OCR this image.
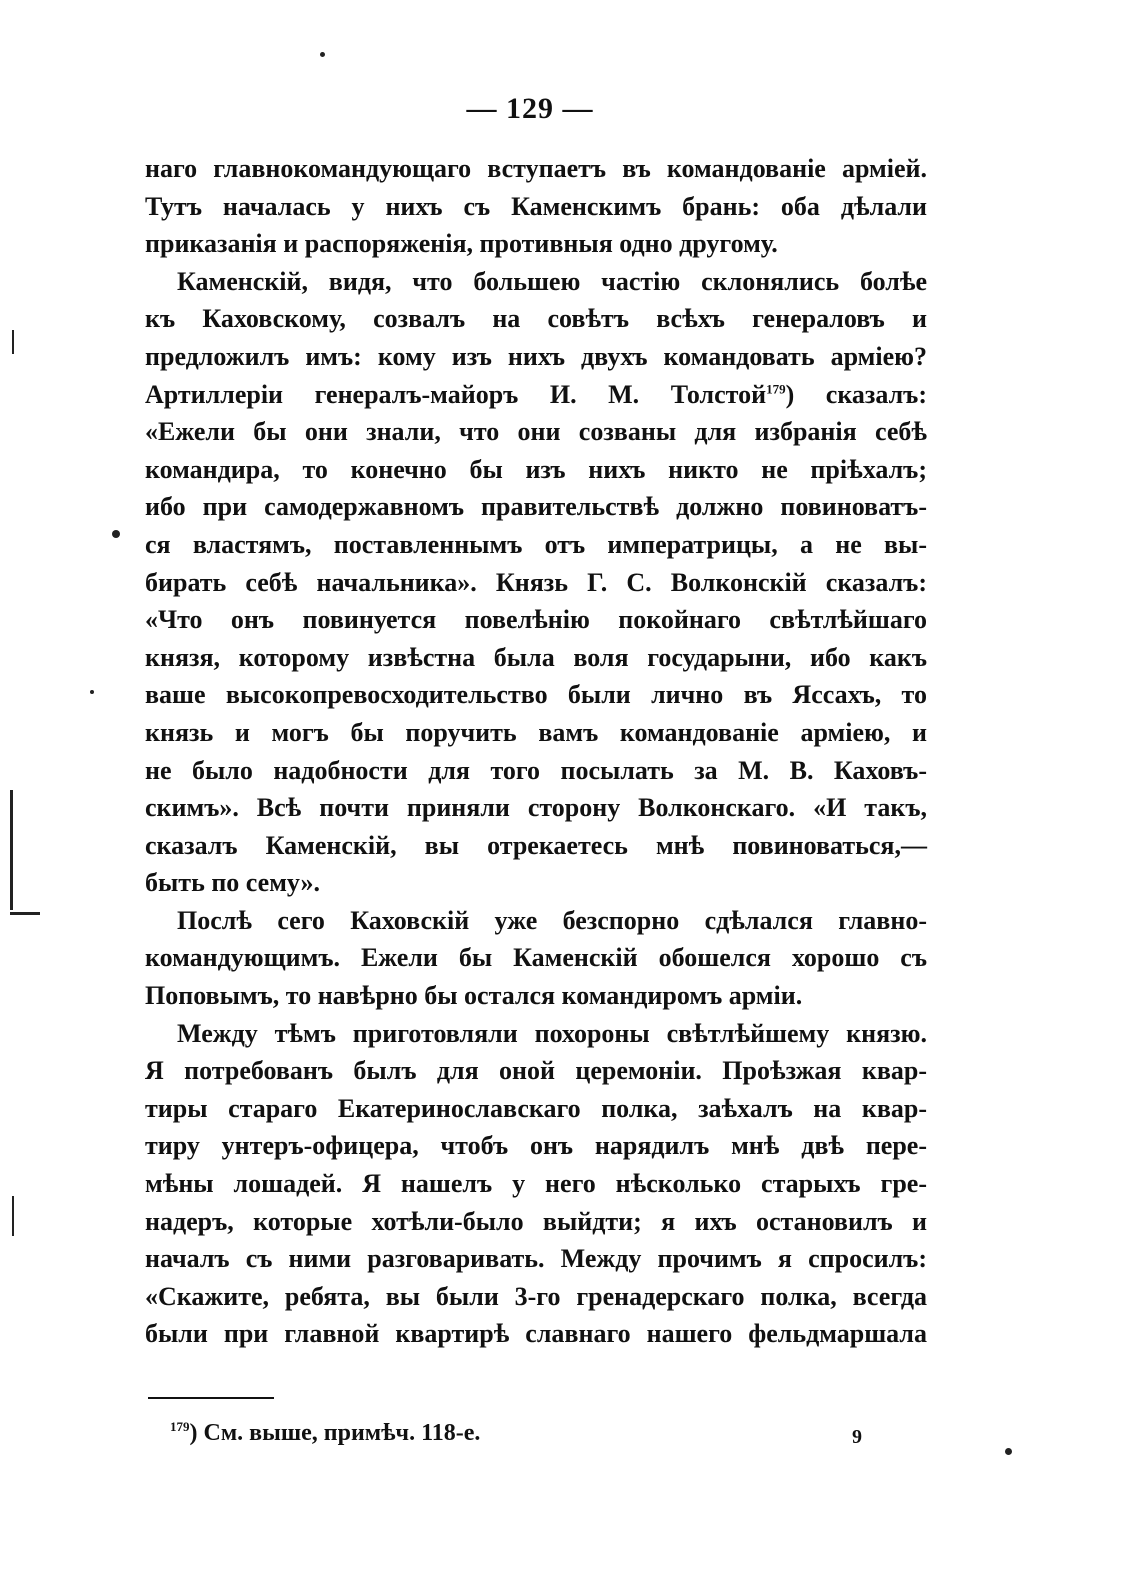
— 129 —
наго главнокомандующаго вступаетъ въ командованіе арміей.
Тутъ началась у нихъ съ Каменскимъ брань: оба дѣлали
приказанія и распоряженія, противныя одно другому.
Каменскій, видя, что большею частію склонялись болѣе
къ Каховскому, созвалъ на совѣтъ всѣхъ генераловъ и
предложилъ имъ: кому изъ нихъ двухъ командовать арміею?
Артиллеріи генералъ-майоръ И. М. Толстой$^{179}$) сказалъ:
«Ежели бы они знали, что они созваны для избранія себѣ
командира, то конечно бы изъ нихъ никто не пріѣхалъ;
ибо при самодержавномъ правительствѣ должно повиноватъ-
ся властямъ, поставленнымъ отъ императрицы, а не вы-
бирать себѣ начальника». Князь Г. С. Волконскій сказалъ:
«Что онъ повинуется повелѣнію покойнаго свѣтлѣйшаго
князя, которому извѣстна была воля государыни, ибо какъ
ваше высокопревосходительство были лично въ Яссахъ, то
князь и могъ бы поручить вамъ командованіе арміею, и
не было надобности для того посылать за М. В. Каховъ-
скимъ». Всѣ почти приняли сторону Волконскаго. «И такъ,
сказалъ Каменскій, вы отрекаетесь мнѣ повиноваться,—
быть по сему».
Послѣ сего Каховскій уже безспорно сдѣлался главно-
командующимъ. Ежели бы Каменскій обошелся хорошо съ
Поповымъ, то навѣрно бы остался командиромъ арміи.
Между тѣмъ приготовляли похороны свѣтлѣйшему князю.
Я потребованъ былъ для оной церемоніи. Проѣзжая квар-
тиры стараго Екатеринославскаго полка, заѣхалъ на квар-
тиру унтеръ-офицера, чтобъ онъ нарядилъ мнѣ двѣ пере-
мѣны лошадей. Я нашелъ у него нѣсколько старыхъ гре-
надеръ, которые хотѣли-было выйдти; я ихъ остановилъ и
началъ съ ними разговаривать. Между прочимъ я спросилъ:
«Скажите, ребята, вы были 3-го гренадерскаго полка, всегда
были при главной квартирѣ славнаго нашего фельдмаршала
$^{179}$) См. выше, примѣч. 118-е.	9
